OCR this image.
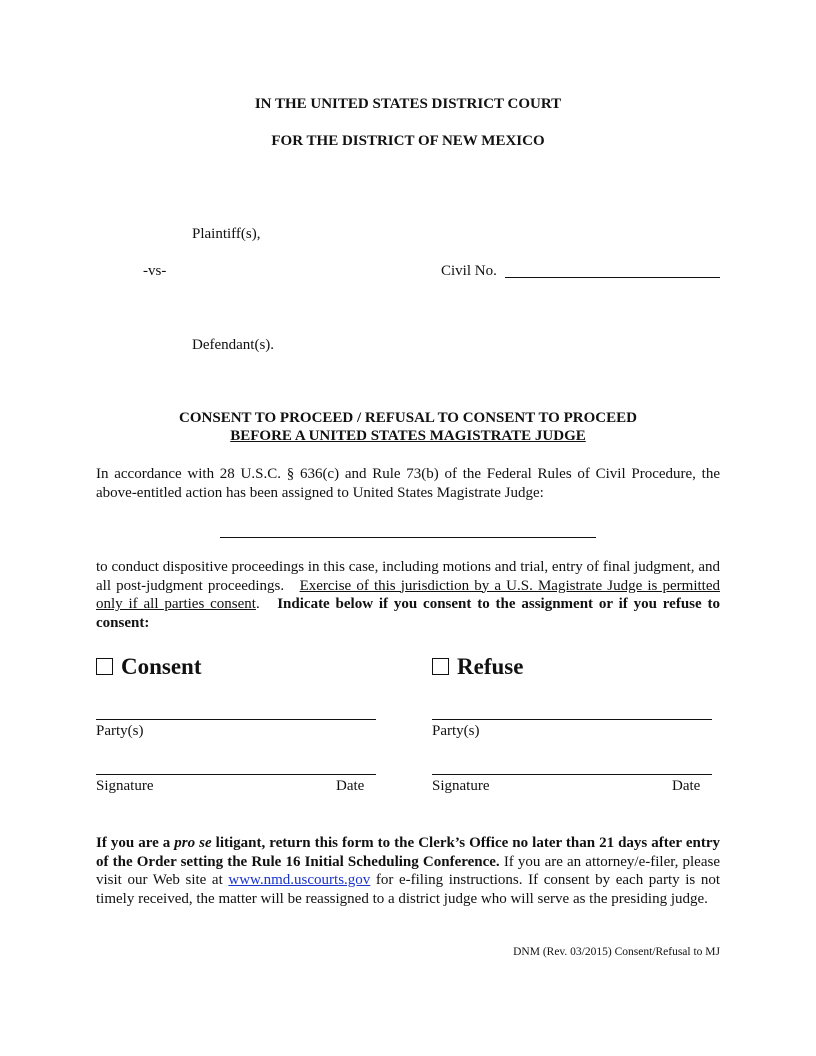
IN THE UNITED STATES DISTRICT COURT
FOR THE DISTRICT OF NEW MEXICO
Plaintiff(s),
-vs-	Civil No.
Defendant(s).
CONSENT TO PROCEED / REFUSAL TO CONSENT TO PROCEED
BEFORE A UNITED STATES MAGISTRATE JUDGE
In accordance with 28 U.S.C. § 636(c) and Rule 73(b) of the Federal Rules of Civil Procedure, the above-entitled action has been assigned to United States Magistrate Judge:
to conduct dispositive proceedings in this case, including motions and trial, entry of final judgment, and all post-judgment proceedings. Exercise of this jurisdiction by a U.S. Magistrate Judge is permitted only if all parties consent. Indicate below if you consent to the assignment or if you refuse to consent:
Consent	Refuse
Party(s)
Signature	Date
Party(s)
Signature	Date
If you are a pro se litigant, return this form to the Clerk’s Office no later than 21 days after entry of the Order setting the Rule 16 Initial Scheduling Conference. If you are an attorney/e-filer, please visit our Web site at www.nmd.uscourts.gov for e-filing instructions. If consent by each party is not timely received, the matter will be reassigned to a district judge who will serve as the presiding judge.
DNM (Rev. 03/2015) Consent/Refusal to MJ
